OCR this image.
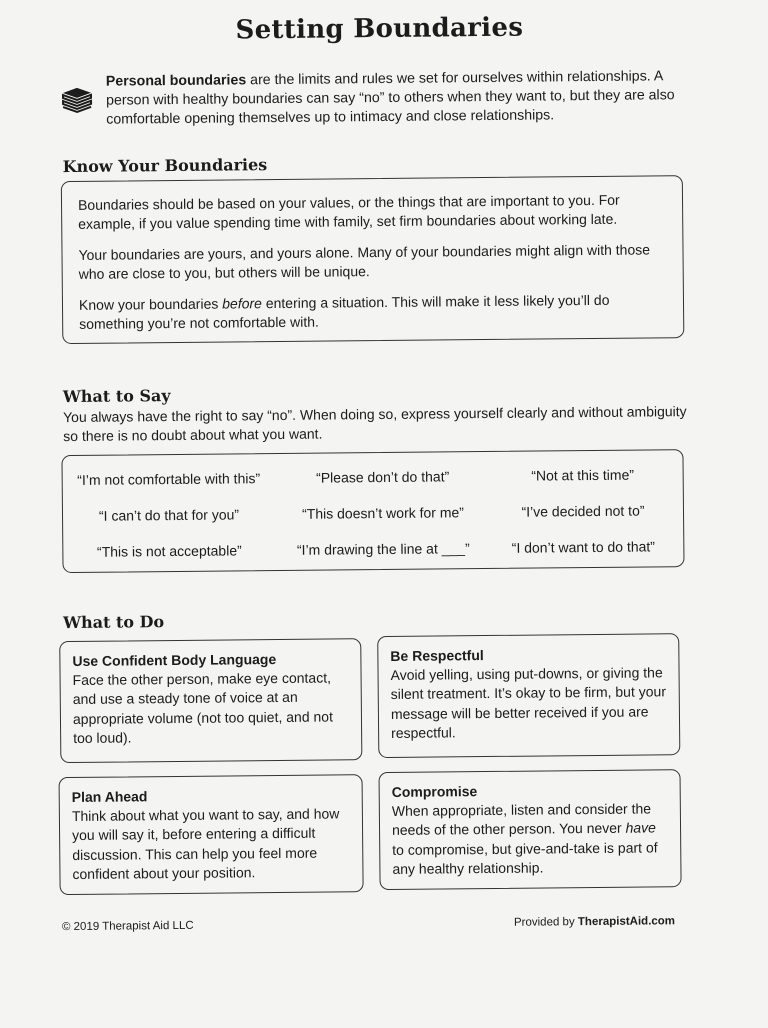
Setting Boundaries
Personal boundaries are the limits and rules we set for ourselves within relationships. A person with healthy boundaries can say “no” to others when they want to, but they are also comfortable opening themselves up to intimacy and close relationships.
Know Your Boundaries

Boundaries should be based on your values, or the things that are important to you. For example, if you value spending time with family, set firm boundaries about working late.

Your boundaries are yours, and yours alone. Many of your boundaries might align with those who are close to you, but others will be unique.

Know your boundaries before entering a situation. This will make it less likely you’ll do something you’re not comfortable with.

What to Say
You always have the right to say “no”. When doing so, express yourself clearly and without ambiguity so there is no doubt about what you want.
“I’m not comfortable with this”	“Please don’t do that”	“Not at this time”
“I can’t do that for you”	“This doesn’t work for me”	“I’ve decided not to”
“This is not acceptable”	“I’m drawing the line at ___”	“I don’t want to do that”
What to Do
Use Confident Body Language
Face the other person, make eye contact, and use a steady tone of voice at an appropriate volume (not too quiet, and not too loud).
Be Respectful
Avoid yelling, using put-downs, or giving the silent treatment. It’s okay to be firm, but your message will be better received if you are respectful.
Plan Ahead
Think about what you want to say, and how you will say it, before entering a difficult discussion. This can help you feel more confident about your position.
Compromise
When appropriate, listen and consider the needs of the other person. You never have to compromise, but give-and-take is part of any healthy relationship.
© 2019 Therapist Aid LLC	Provided by TherapistAid.com
